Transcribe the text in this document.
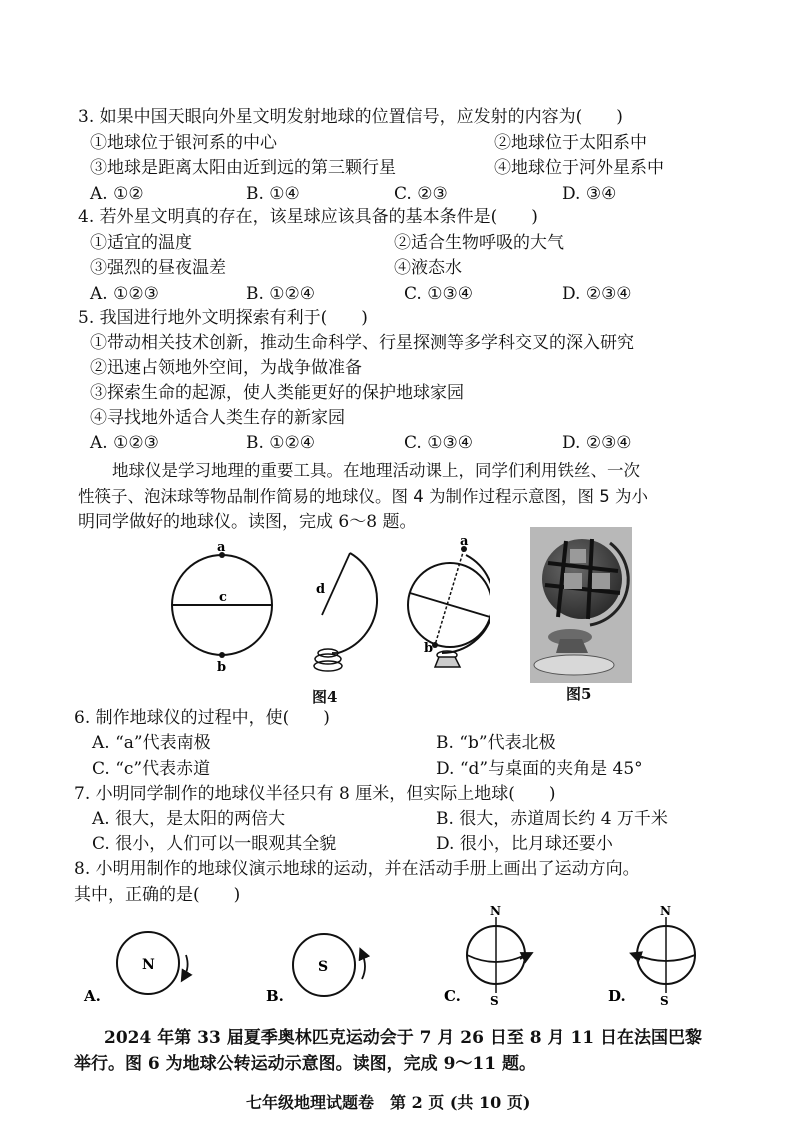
3. 如果中国天眼向外星文明发射地球的位置信号，应发射的内容为(　　)
①地球位于银河系的中心	②地球位于太阳系中
③地球是距离太阳由近到远的第三颗行星	④地球位于河外星系中
A. ①②	B. ①④	C. ②③	D. ③④
4. 若外星文明真的存在，该星球应该具备的基本条件是(　　)
①适宜的温度	②适合生物呼吸的大气
③强烈的昼夜温差	④液态水
A. ①②③	B. ①②④	C. ①③④	D. ②③④
5. 我国进行地外文明探索有利于(　　)
①带动相关技术创新，推动生命科学、行星探测等多学科交叉的深入研究
②迅速占领地外空间，为战争做准备
③探索生命的起源，使人类能更好的保护地球家园
④寻找地外适合人类生存的新家园
A. ①②③	B. ①②④	C. ①③④	D. ②③④
地球仪是学习地理的重要工具。在地理活动课上，同学们利用铁丝、一次
性筷子、泡沫球等物品制作简易的地球仪。图 4 为制作过程示意图，图 5 为小
明同学做好的地球仪。读图，完成 6～8 题。
a
b
c
d
a
b
图4	图5
6. 制作地球仪的过程中，使(　　)
A. “a”代表南极	B. “b”代表北极
C. “c”代表赤道	D. “d”与桌面的夹角是 45°
7. 小明同学制作的地球仪半径只有 8 厘米，但实际上地球(　　)
A. 很大，是太阳的两倍大	B. 很大，赤道周长约 4 万千米
C. 很小，人们可以一眼观其全貌	D. 很小，比月球还要小
8. 小明用制作的地球仪演示地球的运动，并在活动手册上画出了运动方向。
其中，正确的是(　　)
A.
N
B.
S
C.
N
S	D.
N
S
2024 年第 33 届夏季奥林匹克运动会于 7 月 26 日至 8 月 11 日在法国巴黎
举行。图 6 为地球公转运动示意图。读图，完成 9～11 题。
七年级地理试题卷　第 2 页 (共 10 页)
